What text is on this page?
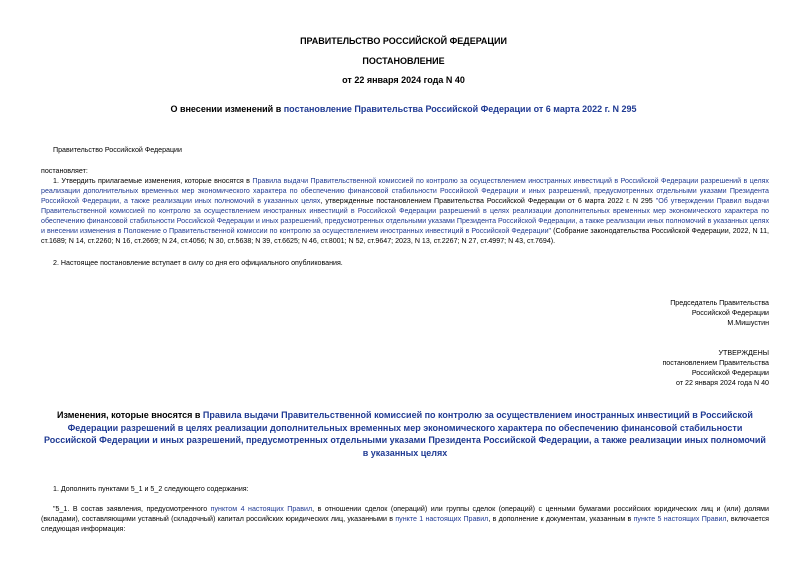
ПРАВИТЕЛЬСТВО РОССИЙСКОЙ ФЕДЕРАЦИИ
ПОСТАНОВЛЕНИЕ
от 22 января 2024 года N 40
О внесении изменений в постановление Правительства Российской Федерации от 6 марта 2022 г. N 295
Правительство Российской Федерации
постановляет:
1. Утвердить прилагаемые изменения, которые вносятся в Правила выдачи Правительственной комиссией по контролю за осуществлением иностранных инвестиций в Российской Федерации разрешений в целях реализации дополнительных временных мер экономического характера по обеспечению финансовой стабильности Российской Федерации и иных разрешений, предусмотренных отдельными указами Президента Российской Федерации, а также реализации иных полномочий в указанных целях, утвержденные постановлением Правительства Российской Федерации от 6 марта 2022 г. N 295 "Об утверждении Правил выдачи Правительственной комиссией по контролю за осуществлением иностранных инвестиций в Российской Федерации разрешений в целях реализации дополнительных временных мер экономического характера по обеспечению финансовой стабильности Российской Федерации и иных разрешений, предусмотренных отдельными указами Президента Российской Федерации, а также реализации иных полномочий в указанных целях и внесении изменения в Положение о Правительственной комиссии по контролю за осуществлением иностранных инвестиций в Российской Федерации" (Собрание законодательства Российской Федерации, 2022, N 11, ст.1689; N 14, ст.2260; N 16, ст.2669; N 24, ст.4056; N 30, ст.5638; N 39, ст.6625; N 46, ст.8001; N 52, ст.9647; 2023, N 13, ст.2267; N 27, ст.4997; N 43, ст.7694).
2. Настоящее постановление вступает в силу со дня его официального опубликования.
Председатель Правительства
Российской Федерации
М.Мишустин
УТВЕРЖДЕНЫ
постановлением Правительства
Российской Федерации
от 22 января 2024 года N 40
Изменения, которые вносятся в Правила выдачи Правительственной комиссией по контролю за осуществлением иностранных инвестиций в Российской Федерации разрешений в целях реализации дополнительных временных мер экономического характера по обеспечению финансовой стабильности Российской Федерации и иных разрешений, предусмотренных отдельными указами Президента Российской Федерации, а также реализации иных полномочий в указанных целях
1. Дополнить пунктами 5_1 и 5_2 следующего содержания:
"5_1. В состав заявления, предусмотренного пунктом 4 настоящих Правил, в отношении сделок (операций) или группы сделок (операций) с ценными бумагами российских юридических лиц и (или) долями (вкладами), составляющими уставный (складочный) капитал российских юридических лиц, указанными в пункте 1 настоящих Правил, в дополнение к документам, указанным в пункте 5 настоящих Правил, включается следующая информация:
